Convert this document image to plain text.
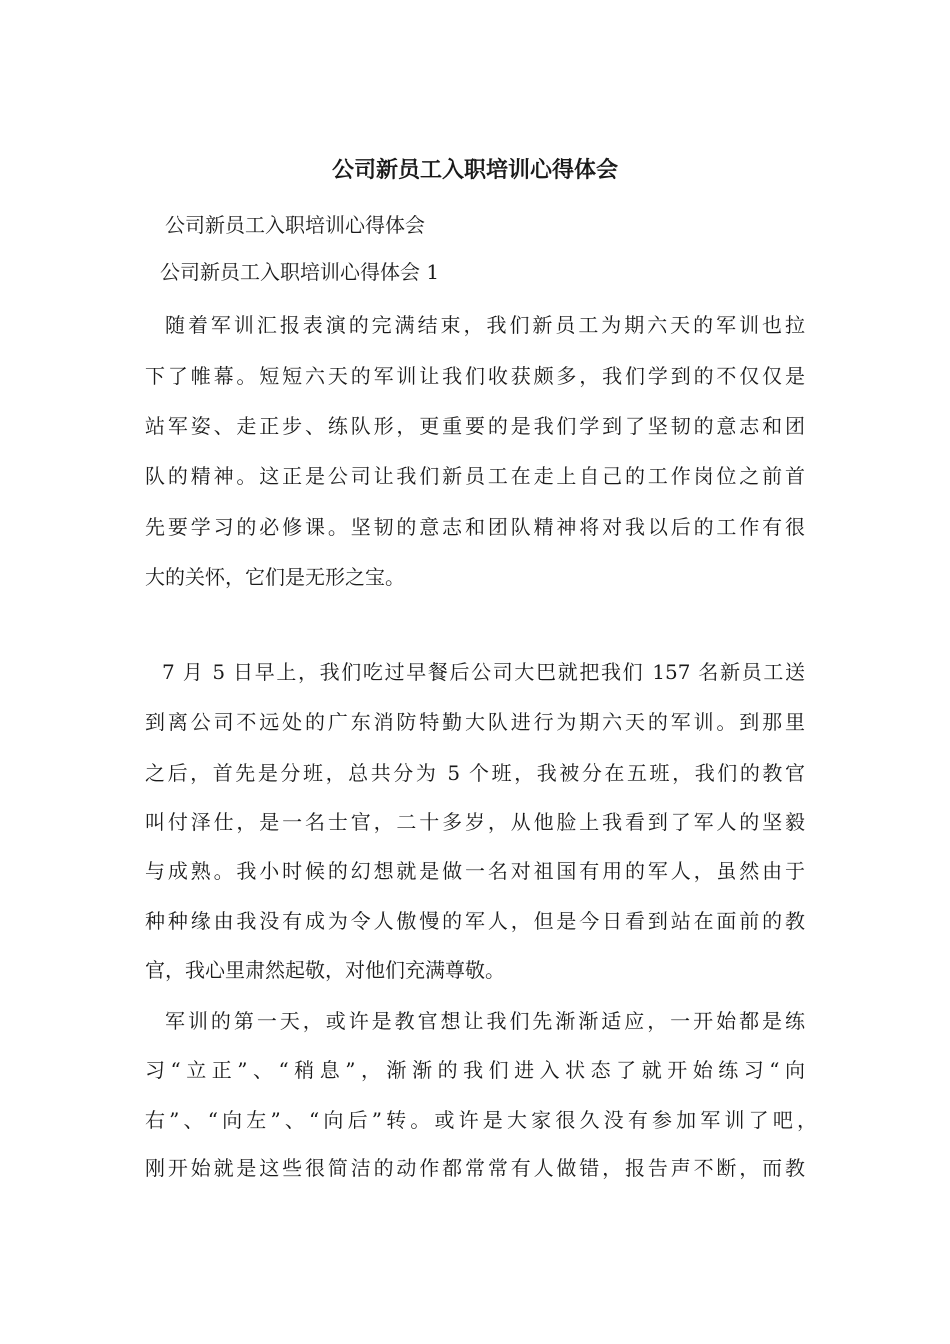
公司新员工入职培训心得体会
公司新员工入职培训心得体会
公司新员工入职培训心得体会 1
随着军训汇报表演的完满结束，我们新员工为期六天的军训也拉
下了帷幕。短短六天的军训让我们收获颇多，我们学到的不仅仅是
站军姿、走正步、练队形，更重要的是我们学到了坚韧的意志和团
队的精神。这正是公司让我们新员工在走上自己的工作岗位之前首
先要学习的必修课。坚韧的意志和团队精神将对我以后的工作有很
大的关怀，它们是无形之宝。
7 月 5 日早上，我们吃过早餐后公司大巴就把我们 157 名新员工送
到离公司不远处的广东消防特勤大队进行为期六天的军训。到那里
之后，首先是分班，总共分为 5 个班，我被分在五班，我们的教官
叫付泽仕，是一名士官，二十多岁，从他脸上我看到了军人的坚毅
与成熟。我小时候的幻想就是做一名对祖国有用的军人，虽然由于
种种缘由我没有成为令人傲慢的军人，但是今日看到站在面前的教
官，我心里肃然起敬，对他们充满尊敬。
军训的第一天，或许是教官想让我们先渐渐适应，一开始都是练
习“立正”、“稍息”，渐渐的我们进入状态了就开始练习“向
右”、“向左”、“向后”转。或许是大家很久没有参加军训了吧，
刚开始就是这些很简洁的动作都常常有人做错，报告声不断，而教
